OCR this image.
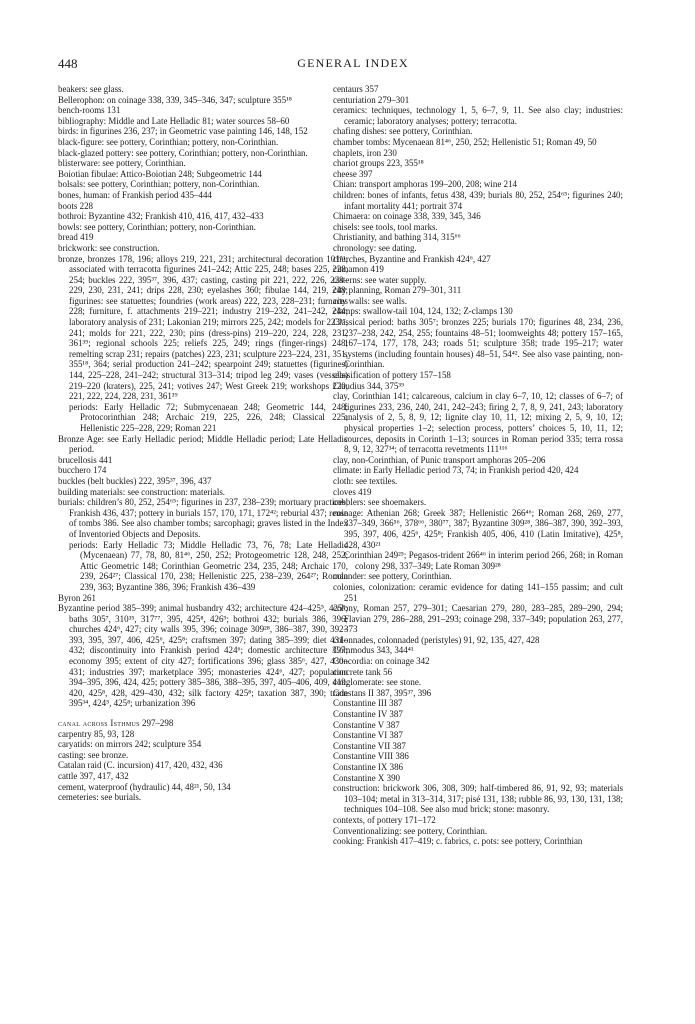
448	GENERAL INDEX
beakers: see glass.
Bellerophon: on coinage 338, 339, 345–346, 347; sculpture 355¹⁸
bench-rooms 131
bibliography: Middle and Late Helladic 81; water sources 58–60
birds: in figurines 236, 237; in Geometric vase painting 146, 148, 152
black-figure: see pottery, Corinthian; pottery, non-Corinthian.
black-glazed pottery: see pottery, Corinthian; pottery, non-Corinthian.
blisterware: see pottery, Corinthian.
Boiotian fibulae: Attico-Boiotian 248; Subgeometric 144
bolsals: see pottery, Corinthian; pottery, non-Corinthian.
bones, human: of Frankish period 435–444
boots 228
bothroi: Byzantine 432; Frankish 410, 416, 417, 432–433
bowls: see pottery, Corinthian; pottery, non-Corinthian.
bread 419
brickwork: see construction.
bronze, bronzes 178, 196; alloys 219, 221, 231; architectural decoration 101⁵¹; associated with terracotta figurines 241–242; Attic 225, 248; bases 225, 228, 254; buckles 222, 395³⁷, 396, 437; casting, casting pit 221, 222, 226, 228–229, 230, 231, 241; drips 228, 230; eyelashes 360; fibulae 144, 219, 248; figurines: see statuettes; foundries (work areas) 222, 223, 228–231; furnaces 228; furniture, f. attachments 219–221; industry 219–232, 241–242, 244; laboratory analysis of 231; Lakonian 219; mirrors 225, 242; models for 223¹⁷, 241; molds for 221, 222, 230; pins (dress-pins) 219–220, 224, 228, 231, 361³⁹; regional schools 225; reliefs 225, 249; rings (finger-rings) 248; remelting scrap 231; repairs (patches) 223, 231; sculpture 223–224, 231, 351, 355¹⁸, 364; serial production 241–242; spearpoint 249; statuettes (figurines) 144, 225–228, 241–242; structural 313–314; tripod leg 249; vases (vessels) 219–220 (kraters), 225, 241; votives 247; West Greek 219; workshops 220, 221, 222, 224, 228, 231, 361³⁹
periods: Early Helladic 72; Submycenaean 248; Geometric 144, 248; Protocorinthian 248; Archaic 219, 225, 226, 248; Classical 225; Hellenistic 225–228, 229; Roman 221
Bronze Age: see Early Helladic period; Middle Helladic period; Late Helladic period.
brucellosis 441
bucchero 174
buckles (belt buckles) 222, 395³⁷, 396, 437
building materials: see construction: materials.
burials: children’s 80, 252, 254⁶⁵; figurines in 237, 238–239; mortuary practices, Frankish 436, 437; pottery in burials 157, 170, 171, 172⁴²; reburial 437; reuse of tombs 386. See also chamber tombs; sarcophagi; graves listed in the Index of Inventoried Objects and Deposits.
periods: Early Helladic 73; Middle Helladic 73, 76, 78; Late Helladic (Mycenaean) 77, 78, 80, 81⁴⁶, 250, 252; Protogeometric 128, 248, 252; Attic Geometric 148; Corinthian Geometric 234, 235, 248; Archaic 170, 239, 264²⁷; Classical 170, 238; Hellenistic 225, 238–239, 264²⁷; Roman 239, 363; Byzantine 386, 396; Frankish 436–439
Byron 261
Byzantine period 385–399; animal husbandry 432; architecture 424–425⁵, 425⁸; baths 305⁷, 310³⁵, 317⁷⁷, 395, 425⁸, 426⁹; bothroi 432; burials 386, 396; churches 424⁶, 427; city walls 395, 396; coinage 309²⁸, 386–387, 390, 392–393, 395, 397, 406, 425⁶, 425⁸; craftsmen 397; dating 385–399; diet 431–432; discontinuity into Frankish period 424⁶; domestic architecture 397; economy 395; extent of city 427; fortifications 396; glass 385⁶, 427, 430–431; industries 397; marketplace 395; monasteries 424⁶, 427; population 394–395, 396, 424, 425; pottery 385–386, 388–395, 397, 405–406, 409, 419, 420, 425⁸, 428, 429–430, 432; silk factory 425⁸; taxation 387, 390; trade 395³⁴, 424⁵, 425⁸; urbanization 396
canal across Isthmus 297–298
carpentry 85, 93, 128
caryatids: on mirrors 242; sculpture 354
casting: see bronze.
Catalan raid (C. incursion) 417, 420, 432, 436
cattle 397, 417, 432
cement, waterproof (hydraulic) 44, 48²¹, 50, 134
cemeteries: see burials.
centaurs 357
centuriation 279–301
ceramics: techniques, technology 1, 5, 6–7, 9, 11. See also clay; industries: ceramic; laboratory analyses; pottery; terracotta.
chafing dishes: see pottery, Corinthian.
chamber tombs: Mycenaean 81⁴⁶, 250, 252; Hellenistic 51; Roman 49, 50
chaplets, iron 230
chariot groups 223, 355¹⁸
cheese 397
Chian: transport amphoras 199–200, 208; wine 214
children: bones of infants, fetus 438, 439; burials 80, 252, 254⁶⁵; figurines 240; infant mortality 441; portrait 374
Chimaera: on coinage 338, 339, 345, 346
chisels: see tools, tool marks.
Christianity, and bathing 314, 315⁶⁶
chronology: see dating.
churches, Byzantine and Frankish 424⁶, 427
cinnamon 419
cisterns: see water supply.
city planning, Roman 279–301, 311
city walls: see walls.
clamps: swallow-tail 104, 124, 132; Z-clamps 130
Classical period: baths 305⁷; bronzes 225; burials 170; figurines 48, 234, 236, 237–238, 242, 254, 255; fountains 48–51; loomweights 48; pottery 157–165, 167–174, 177, 178, 243; roads 51; sculpture 358; trade 195–217; water systems (including fountain houses) 48–51, 54⁴². See also vase painting, non-Corinthian.
classification of pottery 157–158
Claudius 344, 375³⁹
clay, Corinthian 141; calcareous, calcium in clay 6–7, 10, 12; classes of 6–7; of figurines 233, 236, 240, 241, 242–243; firing 2, 7, 8, 9, 241, 243; laboratory analysis of 2, 5, 8, 9, 12; lignite clay 10, 11, 12; mixing 2, 5, 9, 10, 12; physical properties 1–2; selection process, potters’ choices 5, 10, 11, 12; sources, deposits in Corinth 1–13; sources in Roman period 335; terra rossa 8, 9, 12, 327³⁴; of terracotta revetments 111¹¹⁶
clay, non-Corinthian, of Punic transport amphoras 205–206
climate: in Early Helladic period 73, 74; in Frankish period 420, 424
cloth: see textiles.
cloves 419
cobblers: see shoemakers.
coinage: Athenian 268; Greek 387; Hellenistic 266⁴⁶; Roman 268, 269, 277, 337–349, 366⁵⁶, 378⁶⁶, 380⁷⁷, 387; Byzantine 309²⁸, 386–387, 390, 392–393, 395, 397, 406, 425⁶, 425⁸; Frankish 405, 406, 410 (Latin Imitative), 425⁸, 428, 430²¹
Corinthian 249²⁵; Pegasos-trident 266⁴⁶ in interim period 266, 268; in Roman colony 298, 337–349; Late Roman 309²⁸
colander: see pottery, Corinthian.
colonies, colonization: ceramic evidence for dating 141–155 passim; and cult 251
colony, Roman 257, 279–301; Caesarian 279, 280, 283–285, 289–290, 294; Flavian 279, 286–288, 291–293; coinage 298, 337–349; population 263, 277, 373
colonnades, colonnaded (peristyles) 91, 92, 135, 427, 428
Commodus 343, 344⁴¹
Concordia: on coinage 342
concrete tank 56
conglomerate: see stone.
Constans II 387, 395³⁷, 396
Constantine III 387
Constantine IV 387
Constantine V 387
Constantine VI 387
Constantine VII 387
Constantine VIII 386
Constantine IX 386
Constantine X 390
construction: brickwork 306, 308, 309; half-timbered 86, 91, 92, 93; materials 103–104; metal in 313–314, 317; pisé 131, 138; rubble 86, 93, 130, 131, 138; techniques 104–108. See also mud brick; stone: masonry.
contexts, of pottery 171–172
Conventionalizing: see pottery, Corinthian.
cooking: Frankish 417–419; c. fabrics, c. pots: see pottery, Corinthian
